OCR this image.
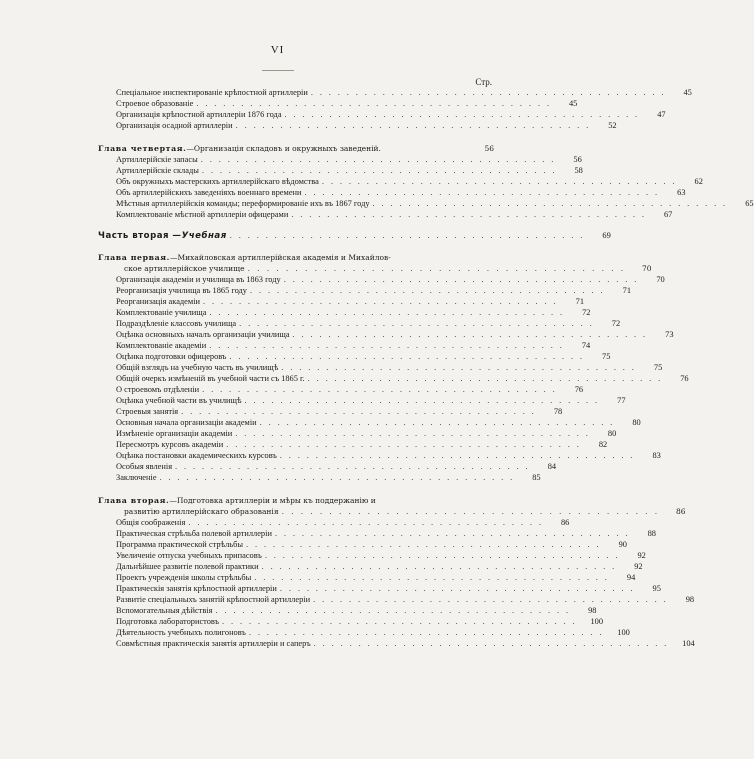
VI
Стр.
Спеціальное инспектированіе крѣпостной артиллеріи . . . . . . . . . . . . . . . . . . . . . . . . . . . . . . . . . . . . . . . .	45
Строевое образованіе . . . . . . . . . . . . . . . . . . . . . . . . . . . . . . . . . . . . . . . .	45
Организація крѣпостной артиллеріи 1876 года . . . . . . . . . . . . . . . . . . . . . . . . . . . . . . . . . . . . . . . .	47
Организація осадной артиллеріи . . . . . . . . . . . . . . . . . . . . . . . . . . . . . . . . . . . . . . . .	52
Глава четвертая.—Организація складовъ и окружныхъ заведеній.	56
Артиллерійскіе запасы . . . . . . . . . . . . . . . . . . . . . . . . . . . . . . . . . . . . . . . .	56
Артиллерійскіе склады . . . . . . . . . . . . . . . . . . . . . . . . . . . . . . . . . . . . . . . .	58
Объ окружныхъ мастерскихъ артиллерійскаго вѣдомства . . . . . . . . . . . . . . . . . . . . . . . . . . . . . . . . . . . . . . . .	62
Объ артиллерійскихъ заведеніяхъ военнаго времени . . . . . . . . . . . . . . . . . . . . . . . . . . . . . . . . . . . . . . . .	63
Мѣстныя артиллерійскія команды; переформированіе ихъ въ 1867 году . . . . . . . . . . . . . . . . . . . . . . . . . . . . . . . . . . . . . . . .	65
Комплектованіе мѣстной артиллеріи офицерами . . . . . . . . . . . . . . . . . . . . . . . . . . . . . . . . . . . . . . . .	67
Часть вторая —Учебная . . . . . . . . . . . . . . . . . . . . . . . . . . . . . . . . . . . . . . . .	69
Глава первая.—Михайловская артиллерійская академія и Михайлов-
ское артиллерійское училище . . . . . . . . . . . . . . . . . . . . . . . . . . . . . . . . . . . . . . . .	70
Организація академіи и училища въ 1863 году . . . . . . . . . . . . . . . . . . . . . . . . . . . . . . . . . . . . . . . .	70
Реорганизація училища въ 1865 году . . . . . . . . . . . . . . . . . . . . . . . . . . . . . . . . . . . . . . . .	71
Реорганизація академіи . . . . . . . . . . . . . . . . . . . . . . . . . . . . . . . . . . . . . . . .	71
Комплектованіе училища . . . . . . . . . . . . . . . . . . . . . . . . . . . . . . . . . . . . . . . .	72
Подраздѣленіе классовъ училища . . . . . . . . . . . . . . . . . . . . . . . . . . . . . . . . . . . . . . . .	72
Оцѣнка основныхъ началъ организаціи училища . . . . . . . . . . . . . . . . . . . . . . . . . . . . . . . . . . . . . . . .	73
Комплектованіе академіи . . . . . . . . . . . . . . . . . . . . . . . . . . . . . . . . . . . . . . . .	74
Оцѣнка подготовки офицеровъ . . . . . . . . . . . . . . . . . . . . . . . . . . . . . . . . . . . . . . . .	75
Общій взглядъ на учебную часть въ училищѣ . . . . . . . . . . . . . . . . . . . . . . . . . . . . . . . . . . . . . . . .	75
Общій очеркъ измѣненій въ учебной части съ 1865 г. . . . . . . . . . . . . . . . . . . . . . . . . . . . . . . . . . . . . . . . .	76
О строевомъ отдѣленіи . . . . . . . . . . . . . . . . . . . . . . . . . . . . . . . . . . . . . . . .	76
Оцѣнка учебной части въ училищѣ . . . . . . . . . . . . . . . . . . . . . . . . . . . . . . . . . . . . . . . .	77
Строевыя занятія . . . . . . . . . . . . . . . . . . . . . . . . . . . . . . . . . . . . . . . .	78
Основныя начала организаціи академіи . . . . . . . . . . . . . . . . . . . . . . . . . . . . . . . . . . . . . . . .	80
Измѣненіе организаціи академіи . . . . . . . . . . . . . . . . . . . . . . . . . . . . . . . . . . . . . . . .	80
Пересмотръ курсовъ академіи . . . . . . . . . . . . . . . . . . . . . . . . . . . . . . . . . . . . . . . .	82
Оцѣнка постановки академическихъ курсовъ . . . . . . . . . . . . . . . . . . . . . . . . . . . . . . . . . . . . . . . .	83
Особыя явленія . . . . . . . . . . . . . . . . . . . . . . . . . . . . . . . . . . . . . . . .	84
Заключеніе . . . . . . . . . . . . . . . . . . . . . . . . . . . . . . . . . . . . . . . .	85
Глава вторая.—Подготовка артиллеріи и мѣры къ поддержанію и
развитію артиллерійскаго образованія . . . . . . . . . . . . . . . . . . . . . . . . . . . . . . . . . . . . . . . .	86
Общія соображенія . . . . . . . . . . . . . . . . . . . . . . . . . . . . . . . . . . . . . . . .	86
Практическая стрѣльба полевой артиллеріи . . . . . . . . . . . . . . . . . . . . . . . . . . . . . . . . . . . . . . . .	88
Программа практической стрѣльбы . . . . . . . . . . . . . . . . . . . . . . . . . . . . . . . . . . . . . . . .	90
Увеличеніе отпуска учебныхъ припасовъ . . . . . . . . . . . . . . . . . . . . . . . . . . . . . . . . . . . . . . . .	92
Дальнѣйшее развитіе полевой практики . . . . . . . . . . . . . . . . . . . . . . . . . . . . . . . . . . . . . . . .	92
Проектъ учрежденія школы стрѣльбы . . . . . . . . . . . . . . . . . . . . . . . . . . . . . . . . . . . . . . . .	94
Практическія занятія крѣпостной артиллеріи . . . . . . . . . . . . . . . . . . . . . . . . . . . . . . . . . . . . . . . .	95
Развитіе спеціальныхъ занятій крѣпостной артиллеріи . . . . . . . . . . . . . . . . . . . . . . . . . . . . . . . . . . . . . . . .	98
Вспомогательныя дѣйствія . . . . . . . . . . . . . . . . . . . . . . . . . . . . . . . . . . . . . . . .	98
Подготовка лаборатористовъ . . . . . . . . . . . . . . . . . . . . . . . . . . . . . . . . . . . . . . . .	100
Дѣятельность учебныхъ полигоновъ . . . . . . . . . . . . . . . . . . . . . . . . . . . . . . . . . . . . . . . .	100
Совмѣстныя практическія занятія артиллеріи и саперъ . . . . . . . . . . . . . . . . . . . . . . . . . . . . . . . . . . . . . . . .	104
